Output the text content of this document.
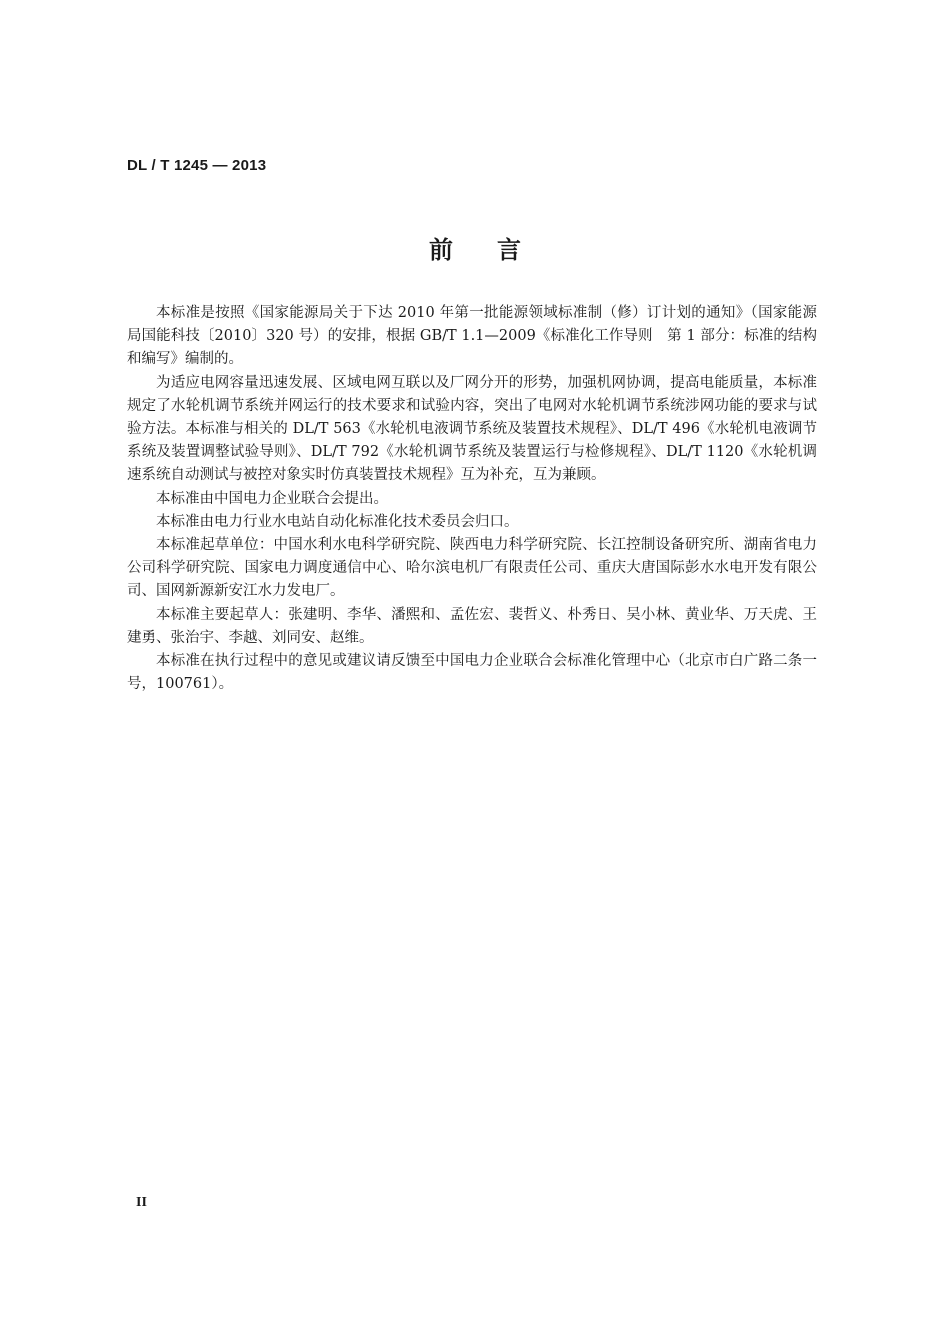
DL / T 1245 — 2013
前言

本标准是按照《国家能源局关于下达 2010 年第一批能源领域标准制（修）订计划的通知》（国家能源局国能科技〔2010〕320 号）的安排，根据 GB/T 1.1—2009《标准化工作导则　第 1 部分：标准的结构和编写》编制的。

为适应电网容量迅速发展、区域电网互联以及厂网分开的形势，加强机网协调，提高电能质量，本标准规定了水轮机调节系统并网运行的技术要求和试验内容，突出了电网对水轮机调节系统涉网功能的要求与试验方法。本标准与相关的 DL/T 563《水轮机电液调节系统及装置技术规程》、DL/T 496《水轮机电液调节系统及装置调整试验导则》、DL/T 792《水轮机调节系统及装置运行与检修规程》、DL/T 1120《水轮机调速系统自动测试与被控对象实时仿真装置技术规程》互为补充，互为兼顾。

本标准由中国电力企业联合会提出。

本标准由电力行业水电站自动化标准化技术委员会归口。

本标准起草单位：中国水利水电科学研究院、陕西电力科学研究院、长江控制设备研究所、湖南省电力公司科学研究院、国家电力调度通信中心、哈尔滨电机厂有限责任公司、重庆大唐国际彭水水电开发有限公司、国网新源新安江水力发电厂。

本标准主要起草人：张建明、李华、潘熙和、孟佐宏、裴哲义、朴秀日、吴小林、黄业华、万天虎、王建勇、张治宇、李越、刘同安、赵维。

本标准在执行过程中的意见或建议请反馈至中国电力企业联合会标准化管理中心（北京市白广路二条一号，100761）。

II
